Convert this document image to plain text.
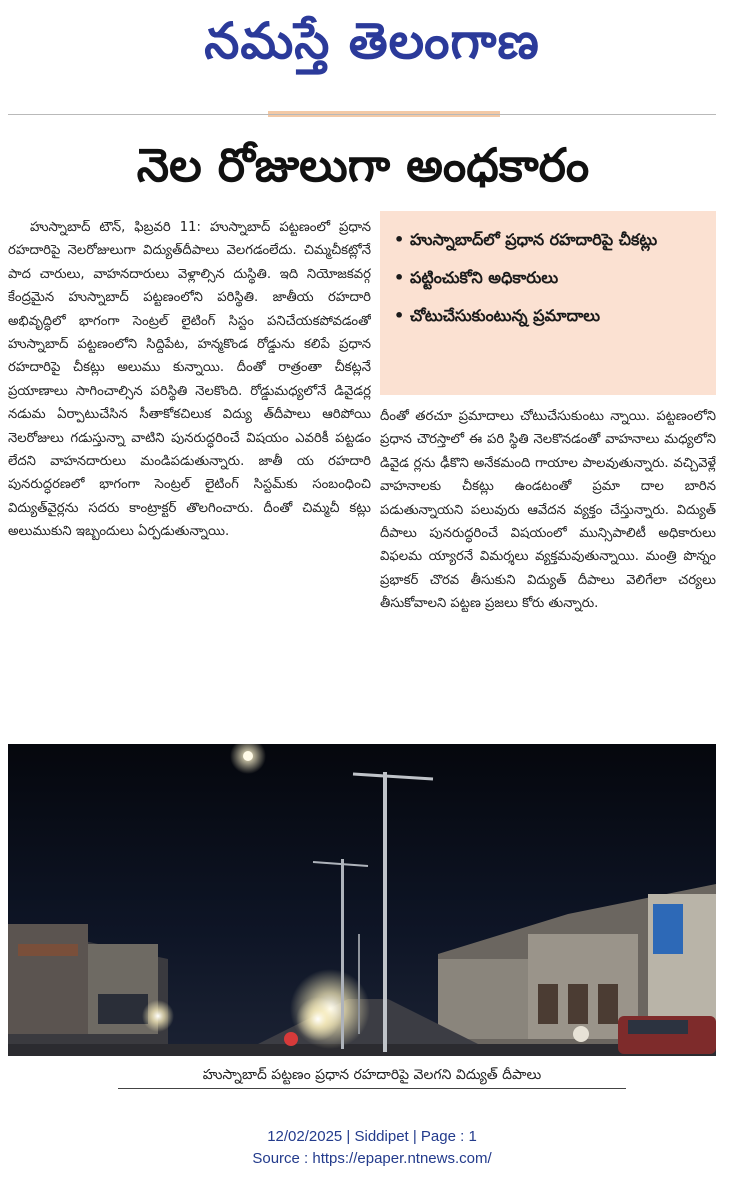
నమస్తే తెలంగాణ
నెల రోజులుగా అంధకారం

హుస్నాబాద్ టౌన్, ఫిబ్రవరి 11: హుస్నాబాద్ పట్టణంలో ప్రధాన రహదారిపై నెలరోజులుగా విద్యుత్‌దీపాలు వెలగడంలేదు. చిమ్మచీకట్లోనే పాద చారులు, వాహనదారులు వెళ్లాల్సిన దుస్థితి. ఇది నియోజకవర్గ కేంద్రమైన హుస్నాబాద్ పట్టణంలోని పరిస్థితి. జాతీయ రహదారి అభివృద్ధిలో భాగంగా సెంట్రల్ లైటింగ్ సిస్టం పనిచేయకపోవడంతో హుస్నాబాద్ పట్టణంలోని సిద్దిపేట, హన్మకొండ రోడ్డును కలిపే ప్రధాన రహదారిపై చీకట్లు అలుము కున్నాయి. దీంతో రాత్రంతా చీకట్లనే ప్రయాణాలు సాగించాల్సిన పరిస్థితి నెలకొంది. రోడ్డుమధ్యలోనే డివైడర్ల నడుమ ఏర్పాటుచేసిన సీతాకోకచిలుక విద్యు త్‌దీపాలు ఆరిపోయి నెలరోజులు గడుస్తున్నా వాటిని పునరుద్ధరించే విషయం ఎవరికీ పట్టడం లేదని వాహనదారులు మండిపడుతున్నారు. జాతీ య రహదారి పునరుద్ధరణలో భాగంగా సెంట్రల్ లైటింగ్ సిస్టమ్‌కు సంబంధించి విద్యుత్‌వైర్లను సదరు కాంట్రాక్టర్ తొలగించారు. దీంతో చిమ్మచీ కట్లు అలుముకుని ఇబ్బందులు ఏర్పడుతున్నాయి.

• హుస్నాబాద్‌లో ప్రధాన రహదారిపై చీకట్లు
• పట్టించుకోని అధికారులు
• చోటుచేసుకుంటున్న ప్రమాదాలు

దీంతో తరచూ ప్రమాదాలు చోటుచేసుకుంటు న్నాయి. పట్టణంలోని ప్రధాన చౌరస్తాలో ఈ పరి స్థితి నెలకొనడంతో వాహనాలు మధ్యలోని డివైడ ర్లను ఢీకొని అనేకమంది గాయాల పాలవుతున్నారు. వచ్చివెళ్లే వాహనాలకు చీకట్లు ఉండటంతో ప్రమా దాల బారిన పడుతున్నాయని పలువురు ఆవేదన వ్యక్తం చేస్తున్నారు. విద్యుత్ దీపాలు పునరుద్ధరించే విషయంలో మున్సిపాలిటీ అధికారులు విఫలమ య్యారనే విమర్శలు వ్యక్తమవుతున్నాయి. మంత్రి పొన్నం ప్రభాకర్ చొరవ తీసుకుని విద్యుత్ దీపాలు వెలిగేలా చర్యలు తీసుకోవాలని పట్టణ ప్రజలు కోరు తున్నారు.

హుస్నాబాద్ పట్టణం ప్రధాన రహదారిపై వెలగని విద్యుత్ దీపాలు
12/02/2025 | Siddipet | Page : 1
Source : https://epaper.ntnews.com/
